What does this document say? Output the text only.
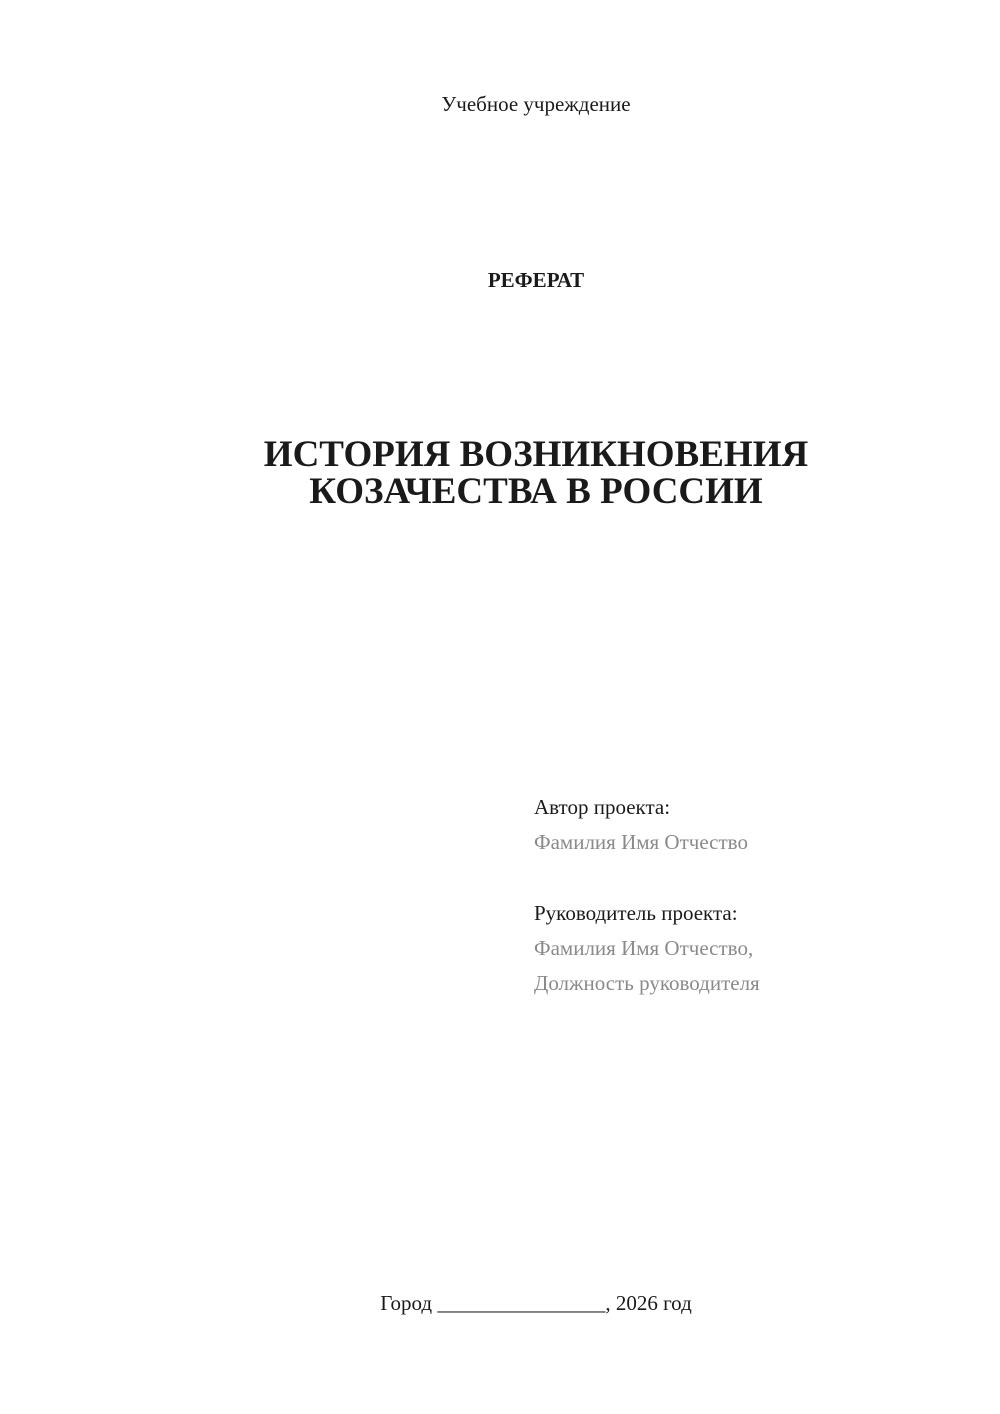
Учебное учреждение
РЕФЕРАТ
ИСТОРИЯ ВОЗНИКНОВЕНИЯ
КОЗАЧЕСТВА В РОССИИ
Автор проекта:
Фамилия Имя Отчество
Руководитель проекта:
Фамилия Имя Отчество,
Должность руководителя
Город ________________, 2026 год
